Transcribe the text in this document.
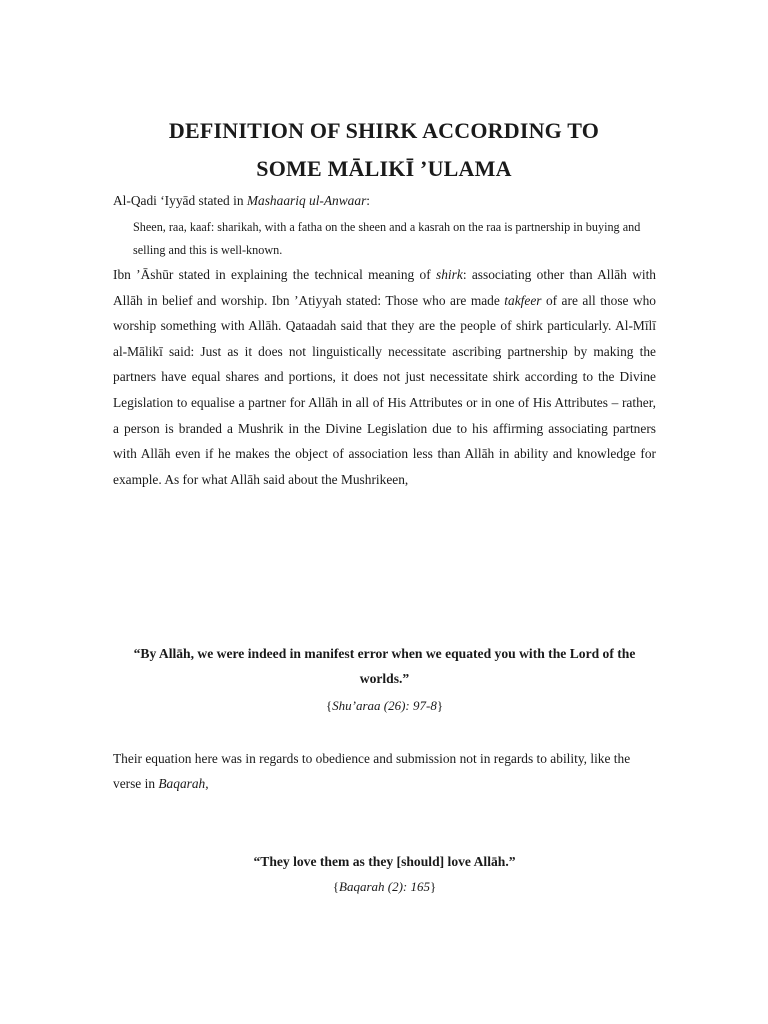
DEFINITION OF SHIRK ACCORDING TO
SOME MĀLIKĪ ’ULAMA

Al-Qadi ‘Iyyād stated in Mashaariq ul-Anwaar:

Sheen, raa, kaaf: sharikah, with a fatha on the sheen and a kasrah on the raa is partnership in buying and selling and this is well-known.

Ibn ’Āshūr stated in explaining the technical meaning of shirk: associating other than Allāh with Allāh in belief and worship. Ibn ’Atiyyah stated: Those who are made takfeer of are all those who worship something with Allāh. Qataadah said that they are the people of shirk particularly. Al-Mīlī al-Mālikī said: Just as it does not linguistically necessitate ascribing partnership by making the partners have equal shares and portions, it does not just necessitate shirk according to the Divine Legislation to equalise a partner for Allāh in all of His Attributes or in one of His Attributes – rather, a person is branded a Mushrik in the Divine Legislation due to his affirming associating partners with Allāh even if he makes the object of association less than Allāh in ability and knowledge for example. As for what Allāh said about the Mushrikeen,

“By Allāh, we were indeed in manifest error when we equated you with the Lord of the worlds.”

{Shu’araa (26): 97-8}

Their equation here was in regards to obedience and submission not in regards to ability, like the verse in Baqarah,

“They love them as they [should] love Allāh.”

{Baqarah (2): 165}
